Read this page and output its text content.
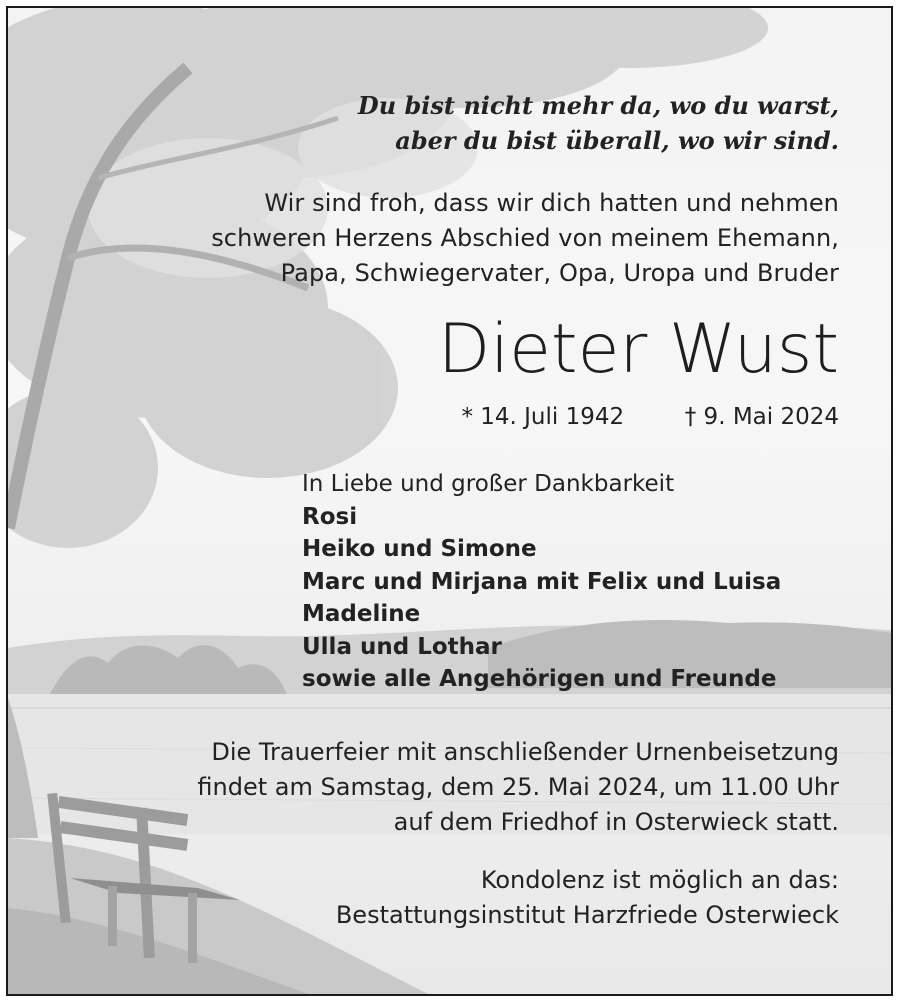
Du bist nicht mehr da, wo du warst,
aber du bist überall, wo wir sind.
Wir sind froh, dass wir dich hatten und nehmen
schweren Herzens Abschied von meinem Ehemann,
Papa, Schwiegervater, Opa, Uropa und Bruder
Dieter Wust
* 14. Juli 1942	† 9. Mai 2024
In Liebe und großer Dankbarkeit
Rosi
Heiko und Simone
Marc und Mirjana mit Felix und Luisa
Madeline
Ulla und Lothar
sowie alle Angehörigen und Freunde
Die Trauerfeier mit anschließender Urnenbeisetzung
findet am Samstag, dem 25. Mai 2024, um 11.00 Uhr
auf dem Friedhof in Osterwieck statt.
Kondolenz ist möglich an das:
Bestattungsinstitut Harzfriede Osterwieck
